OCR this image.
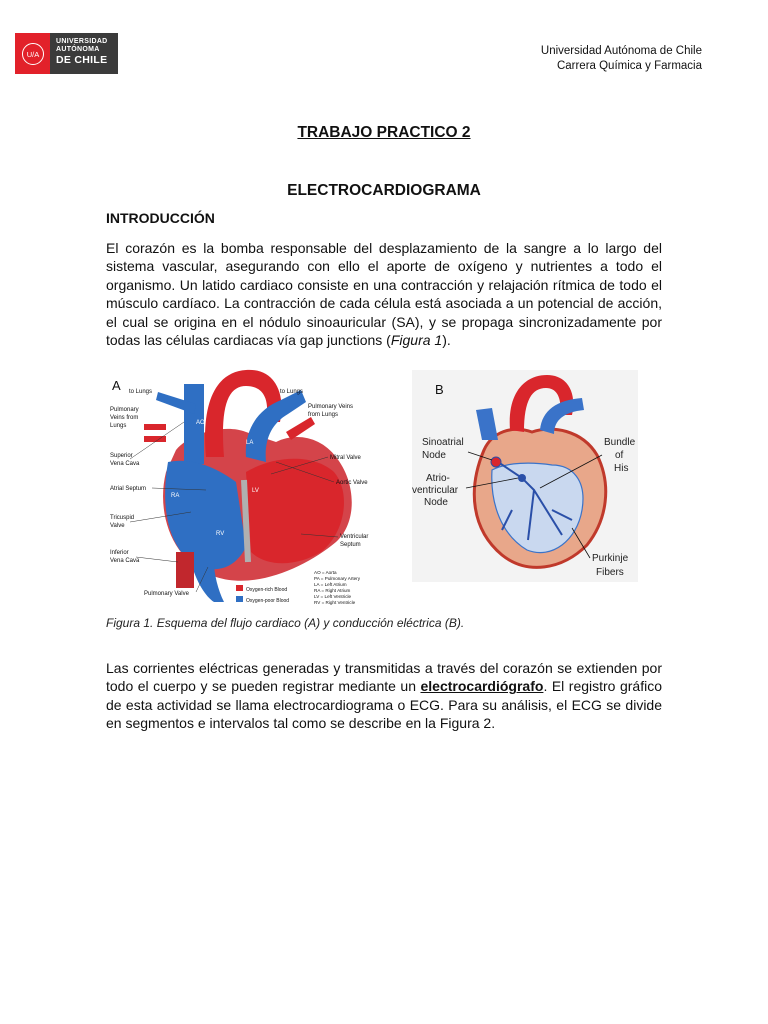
U/A
UNIVERSIDAD
AUTÓNOMA
DE CHILE
Universidad Autónoma de Chile
Carrera Química y Farmacia
TRABAJO PRACTICO 2
ELECTROCARDIOGRAMA
INTRODUCCIÓN
El corazón es la bomba responsable del desplazamiento de la sangre a lo largo del sistema vascular, asegurando con ello el aporte de oxígeno y nutrientes a todo el organismo. Un latido cardiaco consiste en una contracción y relajación rítmica de todo el músculo cardíaco. La contracción de cada célula está asociada a un potencial de acción, el cual se origina en el nódulo sinoauricular (SA), y se propaga sincronizadamente por todas las células cardiacas vía gap junctions (Figura 1).
A
AO
PA
LA
RA
LV
RV
to Lungs	to Lungs
Pulmonary
Veins from
Lungs
Pulmonary Veins
from Lungs
Superior
Vena Cava
Atrial Septum
Tricuspid
Valve
Inferior
Vena Cava
Pulmonary Valve
Mitral Valve
Aortic Valve
Ventricular
Septum
Oxygen-rich Blood
Oxygen-poor Blood
AO = Aorta
PA = Pulmonary Artery
LA = Left Atrium
RA = Right Atrium
LV = Left Ventricle
RV = Right Ventricle
B
Sinoatrial
Node
Atrio-
ventricular
Node
Bundle
of
His
Purkinje
Fibers
Figura 1. Esquema del flujo cardiaco (A) y conducción eléctrica (B).
Las corrientes eléctricas generadas y transmitidas a través del corazón se extienden por todo el cuerpo y se pueden registrar mediante un electrocardiógrafo. El registro gráfico de esta actividad se llama electrocardiograma o ECG. Para su análisis, el ECG se divide en segmentos e intervalos tal como se describe en la Figura 2.
